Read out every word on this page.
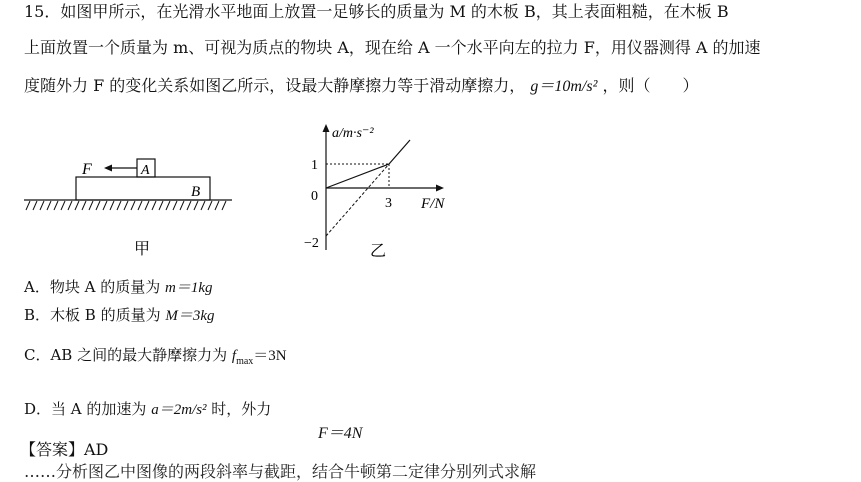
15．如图甲所示，在光滑水平地面上放置一足够长的质量为 M 的木板 B，其上表面粗糙，在木板 B
上面放置一个质量为 m、可视为质点的物块 A，现在给 A 一个水平向左的拉力 F，用仪器测得 A 的加速
度随外力 F 的变化关系如图乙所示，设最大静摩擦力等于滑动摩擦力， g＝10m/s² ，则（　　）
F	A
B
甲
a/m·s⁻²
F/N
1
0	3
−2	乙
A．物块 A 的质量为 m＝1kg
B．木板 B 的质量为 M＝3kg
C．AB 之间的最大静摩擦力为 $f_{max}=3N$
D．当 A 的加速为 a＝2m/s² 时，外力
F＝4N
【答案】AD
……分析图乙中图像的两段斜率与截距，结合牛顿第二定律分别列式求解
